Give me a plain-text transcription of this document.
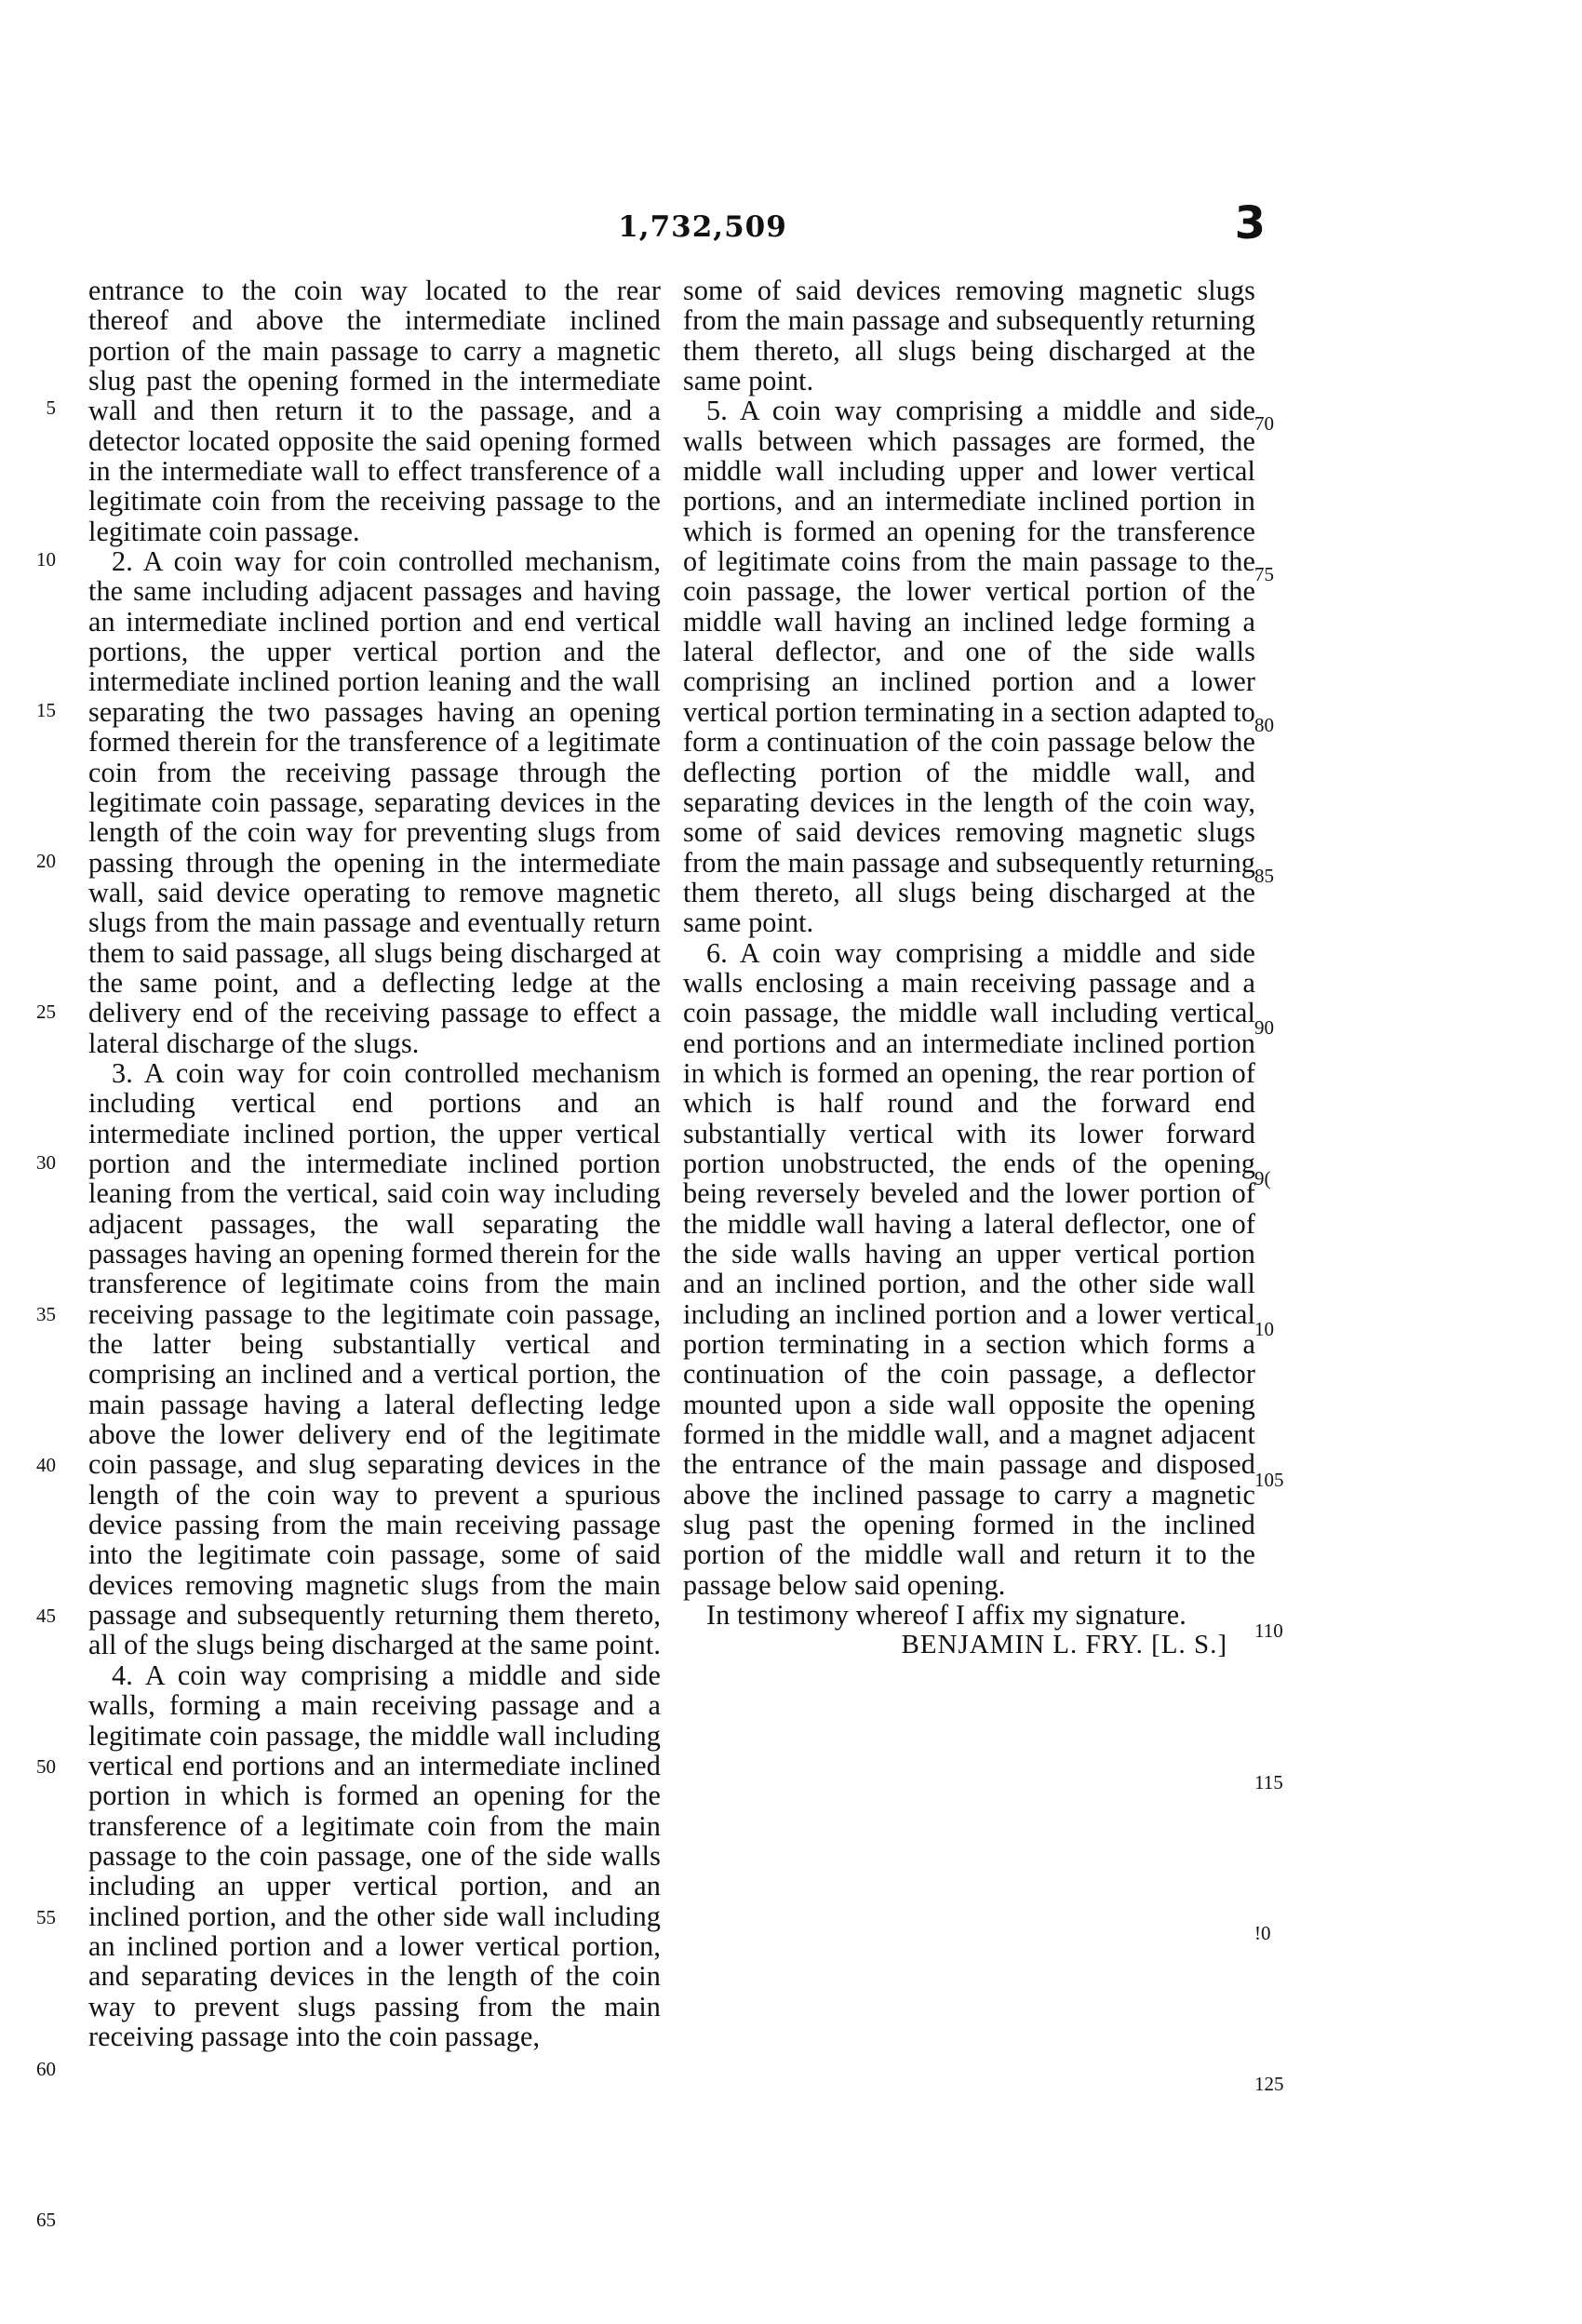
1,732,509	3

entrance to the coin way located to the rear thereof and above the intermediate inclined portion of the main passage to carry a magnetic slug past the opening formed in the intermediate wall and then return it to the passage, and a detector located opposite the said opening formed in the intermediate wall to effect transference of a legitimate coin from the receiving passage to the legitimate coin passage.

2. A coin way for coin controlled mechanism, the same including adjacent passages and having an intermediate inclined portion and end vertical portions, the upper vertical portion and the intermediate inclined portion leaning and the wall separating the two passages having an opening formed therein for the transference of a legitimate coin from the receiving passage through the legitimate coin passage, separating devices in the length of the coin way for preventing slugs from passing through the opening in the intermediate wall, said device operating to remove magnetic slugs from the main passage and eventually return them to said passage, all slugs being discharged at the same point, and a deflecting ledge at the delivery end of the receiving passage to effect a lateral discharge of the slugs.

3. A coin way for coin controlled mechanism including vertical end portions and an intermediate inclined portion, the upper vertical portion and the intermediate inclined portion leaning from the vertical, said coin way including adjacent passages, the wall separating the passages having an opening formed therein for the transference of legitimate coins from the main receiving passage to the legitimate coin passage, the latter being substantially vertical and comprising an inclined and a vertical portion, the main passage having a lateral deflecting ledge above the lower delivery end of the legitimate coin passage, and slug separating devices in the length of the coin way to prevent a spurious device passing from the main receiving passage into the legitimate coin passage, some of said devices removing magnetic slugs from the main passage and subsequently returning them thereto, all of the slugs being discharged at the same point.

4. A coin way comprising a middle and side walls, forming a main receiving passage and a legitimate coin passage, the middle wall including vertical end portions and an intermediate inclined portion in which is formed an opening for the transference of a legitimate coin from the main passage to the coin passage, one of the side walls including an upper vertical portion, and an inclined portion, and the other side wall including an inclined portion and a lower vertical portion, and separating devices in the length of the coin way to prevent slugs passing from the main receiving passage into the coin passage,

some of said devices removing magnetic slugs from the main passage and subsequently returning them thereto, all slugs being discharged at the same point.

5. A coin way comprising a middle and side walls between which passages are formed, the middle wall including upper and lower vertical portions, and an intermediate inclined portion in which is formed an opening for the transference of legitimate coins from the main passage to the coin passage, the lower vertical portion of the middle wall having an inclined ledge forming a lateral deflector, and one of the side walls comprising an inclined portion and a lower vertical portion terminating in a section adapted to form a continuation of the coin passage below the deflecting portion of the middle wall, and separating devices in the length of the coin way, some of said devices removing magnetic slugs from the main passage and subsequently returning them thereto, all slugs being discharged at the same point.

6. A coin way comprising a middle and side walls enclosing a main receiving passage and a coin passage, the middle wall including vertical end portions and an intermediate inclined portion in which is formed an opening, the rear portion of which is half round and the forward end substantially vertical with its lower forward portion unobstructed, the ends of the opening being reversely beveled and the lower portion of the middle wall having a lateral deflector, one of the side walls having an upper vertical portion and an inclined portion, and the other side wall including an inclined portion and a lower vertical portion terminating in a section which forms a continuation of the coin passage, a deflector mounted upon a side wall opposite the opening formed in the middle wall, and a magnet adjacent the entrance of the main passage and disposed above the inclined passage to carry a magnetic slug past the opening formed in the inclined portion of the middle wall and return it to the passage below said opening.

In testimony whereof I affix my signature.

BENJAMIN L. FRY. [L. S.]

5
10
15
20
25
30
35
40
45
50
55
60
65
70
75
80
85
90
9(
10
105
110
115
!0
125
